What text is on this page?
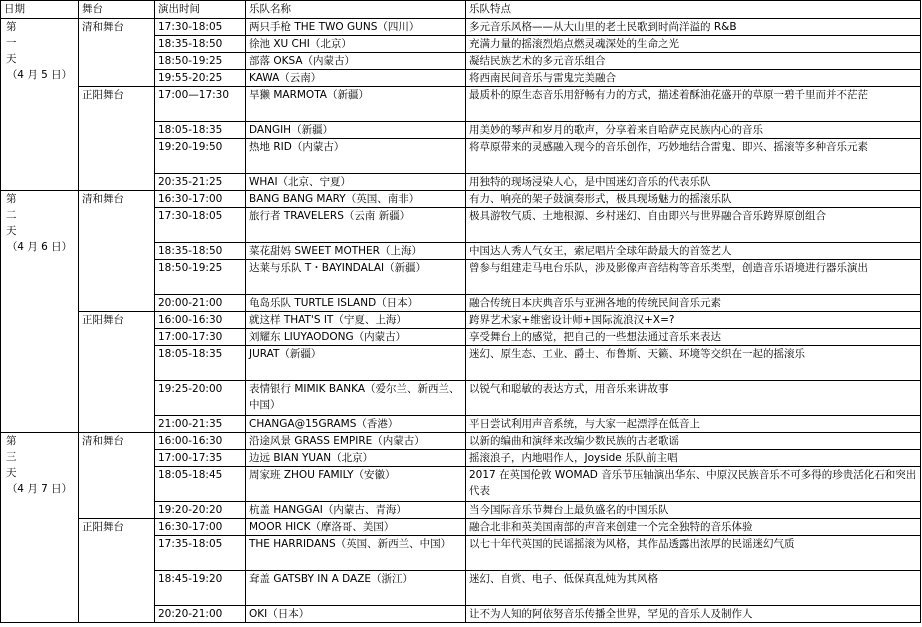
日期	舞台	演出时间	乐队名称	乐队特点

第
一
天
（4 月 5 日）	清和舞台	17:30-18:05	两只手枪 THE TWO GUNS（四川）	多元音乐风格——从大山里的老土民歌到时尚洋溢的 R&B
		18:35-18:50	徐池 XU CHI（北京）	充满力量的摇滚烈焰点燃灵魂深处的生命之光
		18:50-19:25	部落 OKSA（内蒙古）	凝结民族艺术的多元音乐组合
		19:55-20:25	KAWA（云南）	将西南民间音乐与雷鬼完美融合
	正阳舞台	17:00—17:30	旱獭 MARMOTA（新疆）	最质朴的原生态音乐用舒畅有力的方式，描述着酥油花盛开的草原一碧千里而并不茫茫
		18:05-18:35	DANGIH（新疆）	用美妙的琴声和岁月的歌声，分享着来自哈萨克民族内心的音乐
		19:20-19:50	热地 RID（内蒙古）	将草原带来的灵感融入现今的音乐创作，巧妙地结合雷鬼、即兴、摇滚等多种音乐元素
		20:35-21:25	WHAI（北京、宁夏）	用独特的现场浸染人心，是中国迷幻音乐的代表乐队

第
二
天
（4 月 6 日）	清和舞台	16:30-17:00	BANG BANG MARY（英国、南非）	有力、响亮的架子鼓演奏形式，极具现场魅力的摇滚乐队
		17:30-18:05	旅行者 TRAVELERS（云南 新疆）	极具游牧气质、土地根源、乡村迷幻、自由即兴与世界融合音乐跨界原创组合
		18:35-18:50	菜花甜妈 SWEET MOTHER（上海）	中国达人秀人气女王，索尼唱片全球年龄最大的首签艺人
		18:50-19:25	达莱与乐队 T・BAYINDALAI（新疆）	曾参与组建走马电台乐队，涉及影像声音结构等音乐类型，创造音乐语境进行器乐演出
		20:00-21:00	龟岛乐队 TURTLE ISLAND（日本）	融合传统日本庆典音乐与亚洲各地的传统民间音乐元素
	正阳舞台	16:00-16:30	就这样 THAT'S IT（宁夏、上海）	跨界艺术家+维密设计师+国际流浪汉+X=?
		17:00-17:30	刘耀东 LIUYAODONG（内蒙古）	享受舞台上的感觉，把自己的一些想法通过音乐来表达
		18:05-18:35	JURAT（新疆）	迷幻、原生态、工业、爵士、布鲁斯、天籁、环境等交织在一起的摇滚乐
		19:25-20:00	表情银行 MIMIK BANKA（爱尔兰、新西兰、中国）	以锐气和聪敏的表达方式，用音乐来讲故事
		21:00-21:35	CHANGA@15GRAMS（香港）	平日尝试利用声音系统，与大家一起漂浮在低音上

第
三
天
（4 月 7 日）	清和舞台	16:00-16:30	沿途风景 GRASS EMPIRE（内蒙古）	以新的编曲和演绎来改编少数民族的古老歌谣
		17:00-17:35	边远 BIAN YUAN（北京）	摇滚浪子，内地唱作人，Joyside 乐队前主唱
		18:05-18:45	周家班 ZHOU FAMILY（安徽）	2017 在英国伦敦 WOMAD 音乐节压轴演出华东、中原汉民族音乐不可多得的珍贵活化石和突出代表
		19:20-20:20	杭盖 HANGGAI（内蒙古、青海）	当今国际音乐节舞台上最负盛名的中国乐队
	正阳舞台	16:30-17:00	MOOR HICK（摩洛哥、美国）	融合北非和英美国南部的声音来创建一个完全独特的音乐体验
		17:35-18:05	THE HARRIDANS（英国、新西兰、中国）	以七十年代英国的民谣摇滚为风格，其作品透露出浓厚的民谣迷幻气质
		18:45-19:20	耷盖 GATSBY IN A DAZE（浙江）	迷幻、自赏、电子、低保真乱炖为其风格
		20:20-21:00	OKI（日本）	让不为人知的阿依努音乐传播全世界，罕见的音乐人及制作人
